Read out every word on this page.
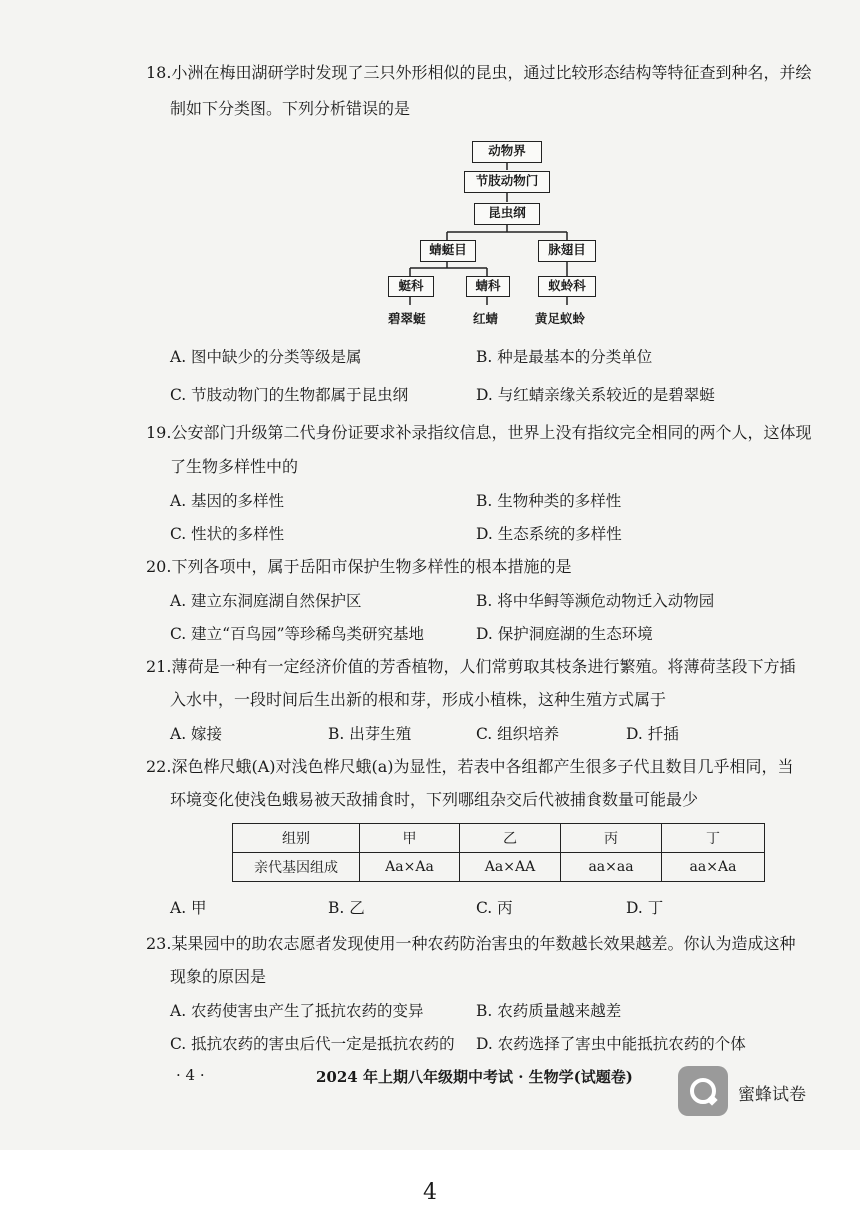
18.小洲在梅田湖研学时发现了三只外形相似的昆虫，通过比较形态结构等特征查到种名，并绘
制如下分类图。下列分析错误的是
动物界
节肢动物门
昆虫纲
蜻蜓目	脉翅目
蜓科	蜻科	蚁蛉科
碧翠蜓	红蜻	黄足蚁蛉
A. 图中缺少的分类等级是属	B. 种是最基本的分类单位
C. 节肢动物门的生物都属于昆虫纲	D. 与红蜻亲缘关系较近的是碧翠蜓
19.公安部门升级第二代身份证要求补录指纹信息，世界上没有指纹完全相同的两个人，这体现
了生物多样性中的
A. 基因的多样性	B. 生物种类的多样性
C. 性状的多样性	D. 生态系统的多样性
20.下列各项中，属于岳阳市保护生物多样性的根本措施的是
A. 建立东洞庭湖自然保护区	B. 将中华鲟等濒危动物迁入动物园
C. 建立“百鸟园”等珍稀鸟类研究基地	D. 保护洞庭湖的生态环境
21.薄荷是一种有一定经济价值的芳香植物，人们常剪取其枝条进行繁殖。将薄荷茎段下方插
入水中，一段时间后生出新的根和芽，形成小植株，这种生殖方式属于
A. 嫁接	B. 出芽生殖	C. 组织培养	D. 扦插
22.深色桦尺蛾(A)对浅色桦尺蛾(a)为显性，若表中各组都产生很多子代且数目几乎相同，当
环境变化使浅色蛾易被天敌捕食时，下列哪组杂交后代被捕食数量可能最少
组别	甲	乙	丙	丁
亲代基因组成	Aa×Aa	Aa×AA	aa×aa	aa×Aa
A. 甲	B. 乙	C. 丙	D. 丁
23.某果园中的助农志愿者发现使用一种农药防治害虫的年数越长效果越差。你认为造成这种
现象的原因是
A. 农药使害虫产生了抵抗农药的变异	B. 农药质量越来越差
C. 抵抗农药的害虫后代一定是抵抗农药的 D. 农药选择了害虫中能抵抗农药的个体
· 4 ·	2024 年上期八年级期中考试 · 生物学(试题卷)
蜜蜂试卷
4
